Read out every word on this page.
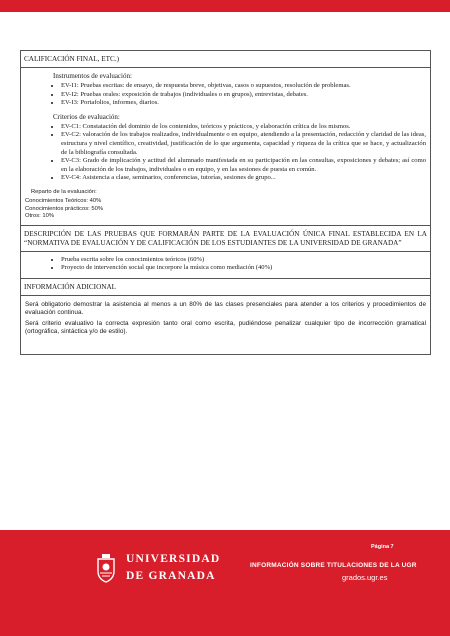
CALIFICACIÓN FINAL, ETC.)
Instrumentos de evaluación:
• EV-I1: Pruebas escritas: de ensayo, de respuesta breve, objetivas, casos o supuestos, resolución de problemas.
• EV-I2: Pruebas orales: exposición de trabajos (individuales o en grupos), entrevistas, debates.
• EV-I3: Portafolios, informes, diarios.
Criterios de evaluación:
• EV-C1: Constatación del dominio de los contenidos, teóricos y prácticos, y elaboración crítica de los mismos.
• EV-C2: valoración de los trabajos realizados, individualmente o en equipo, atendiendo a la presentación, redacción y claridad de las ideas, estructura y nivel científico, creatividad, justificación de lo que argumenta, capacidad y riqueza de la crítica que se hace, y actualización de la bibliografía consultada.
• EV-C3: Grado de implicación y actitud del alumnado manifestada en su participación en las consultas, exposiciones y debates; así como en la elaboración de los trabajos, individuales o en equipo, y en las sesiones de puesta en común.
• EV-C4: Asistencia a clase, seminarios, conferencias, tutorías, sesiones de grupo...
Reparto de la evaluación:
Conocimientos Teóricos: 40%
Conocimientos prácticos: 50%
Otros: 10%
DESCRIPCIÓN DE LAS PRUEBAS QUE FORMARÁN PARTE DE LA EVALUACIÓN ÚNICA FINAL ESTABLECIDA EN LA “NORMATIVA DE EVALUACIÓN Y DE CALIFICACIÓN DE LOS ESTUDIANTES DE LA UNIVERSIDAD DE GRANADA”
• Prueba escrita sobre los conocimientos teóricos (60%)
• Proyecto de intervención social que incorpore la música como mediación (40%)
INFORMACIÓN ADICIONAL

Será obligatorio demostrar la asistencia al menos a un 80% de las clases presenciales para atender a los criterios y procedimientos de evaluación continua.

Será criterio evaluativo la correcta expresión tanto oral como escrita, pudiéndose penalizar cualquier tipo de incorrección gramatical (ortográfica, sintáctica y/o de estilo).

UNIVERSIDAD
DE GRANADA
Página 7
INFORMACIÓN SOBRE TITULACIONES DE LA UGR
grados.ugr.es
